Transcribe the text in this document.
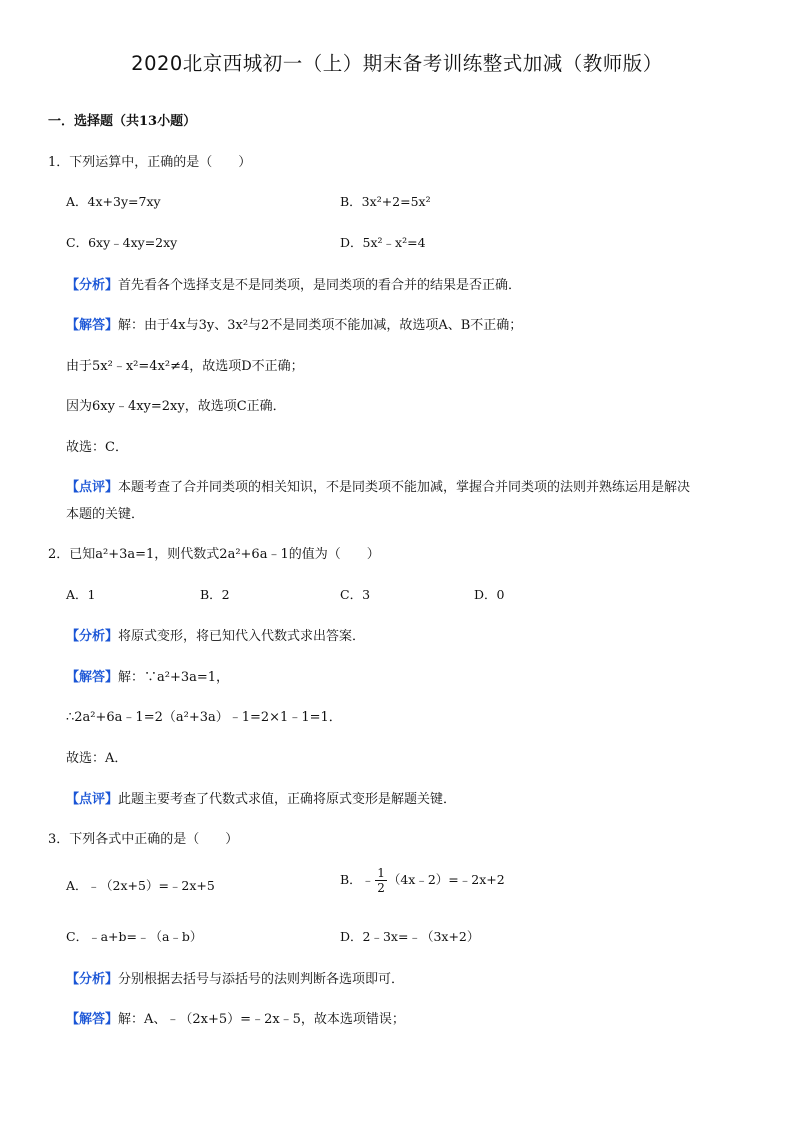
2020北京西城初一（上）期末备考训练整式加减（教师版）
一．选择题（共13小题）
1．下列运算中，正确的是（　　）
A．4x+3y=7xy	B．3x²+2=5x²
C．6xy﹣4xy=2xy	D．5x²﹣x²=4
【分析】首先看各个选择支是不是同类项，是同类项的看合并的结果是否正确．
【解答】解：由于4x与3y、3x²与2不是同类项不能加减，故选项A、B不正确；
由于5x²﹣x²=4x²≠4，故选项D不正确；
因为6xy﹣4xy=2xy，故选项C正确．
故选：C．
【点评】本题考查了合并同类项的相关知识，不是同类项不能加减，掌握合并同类项的法则并熟练运用是解决
本题的关键．
2．已知a²+3a=1，则代数式2a²+6a﹣1的值为（　　）
A．1	B．2	C．3	D．0
【分析】将原式变形，将已知代入代数式求出答案．
【解答】解：∵a²+3a=1，
∴2a²+6a﹣1=2（a²+3a）﹣1=2×1﹣1=1．
故选：A．
【点评】此题主要考查了代数式求值，正确将原式变形是解题关键．
3．下列各式中正确的是（　　）
A．﹣（2x+5）=﹣2x+5	B．﹣ $\frac{1}{2}$ （4x﹣2）=﹣2x+2
C．﹣a+b=﹣（a﹣b）	D．2﹣3x=﹣（3x+2）
【分析】分别根据去括号与添括号的法则判断各选项即可．
【解答】解：A、﹣（2x+5）=﹣2x﹣5，故本选项错误；
